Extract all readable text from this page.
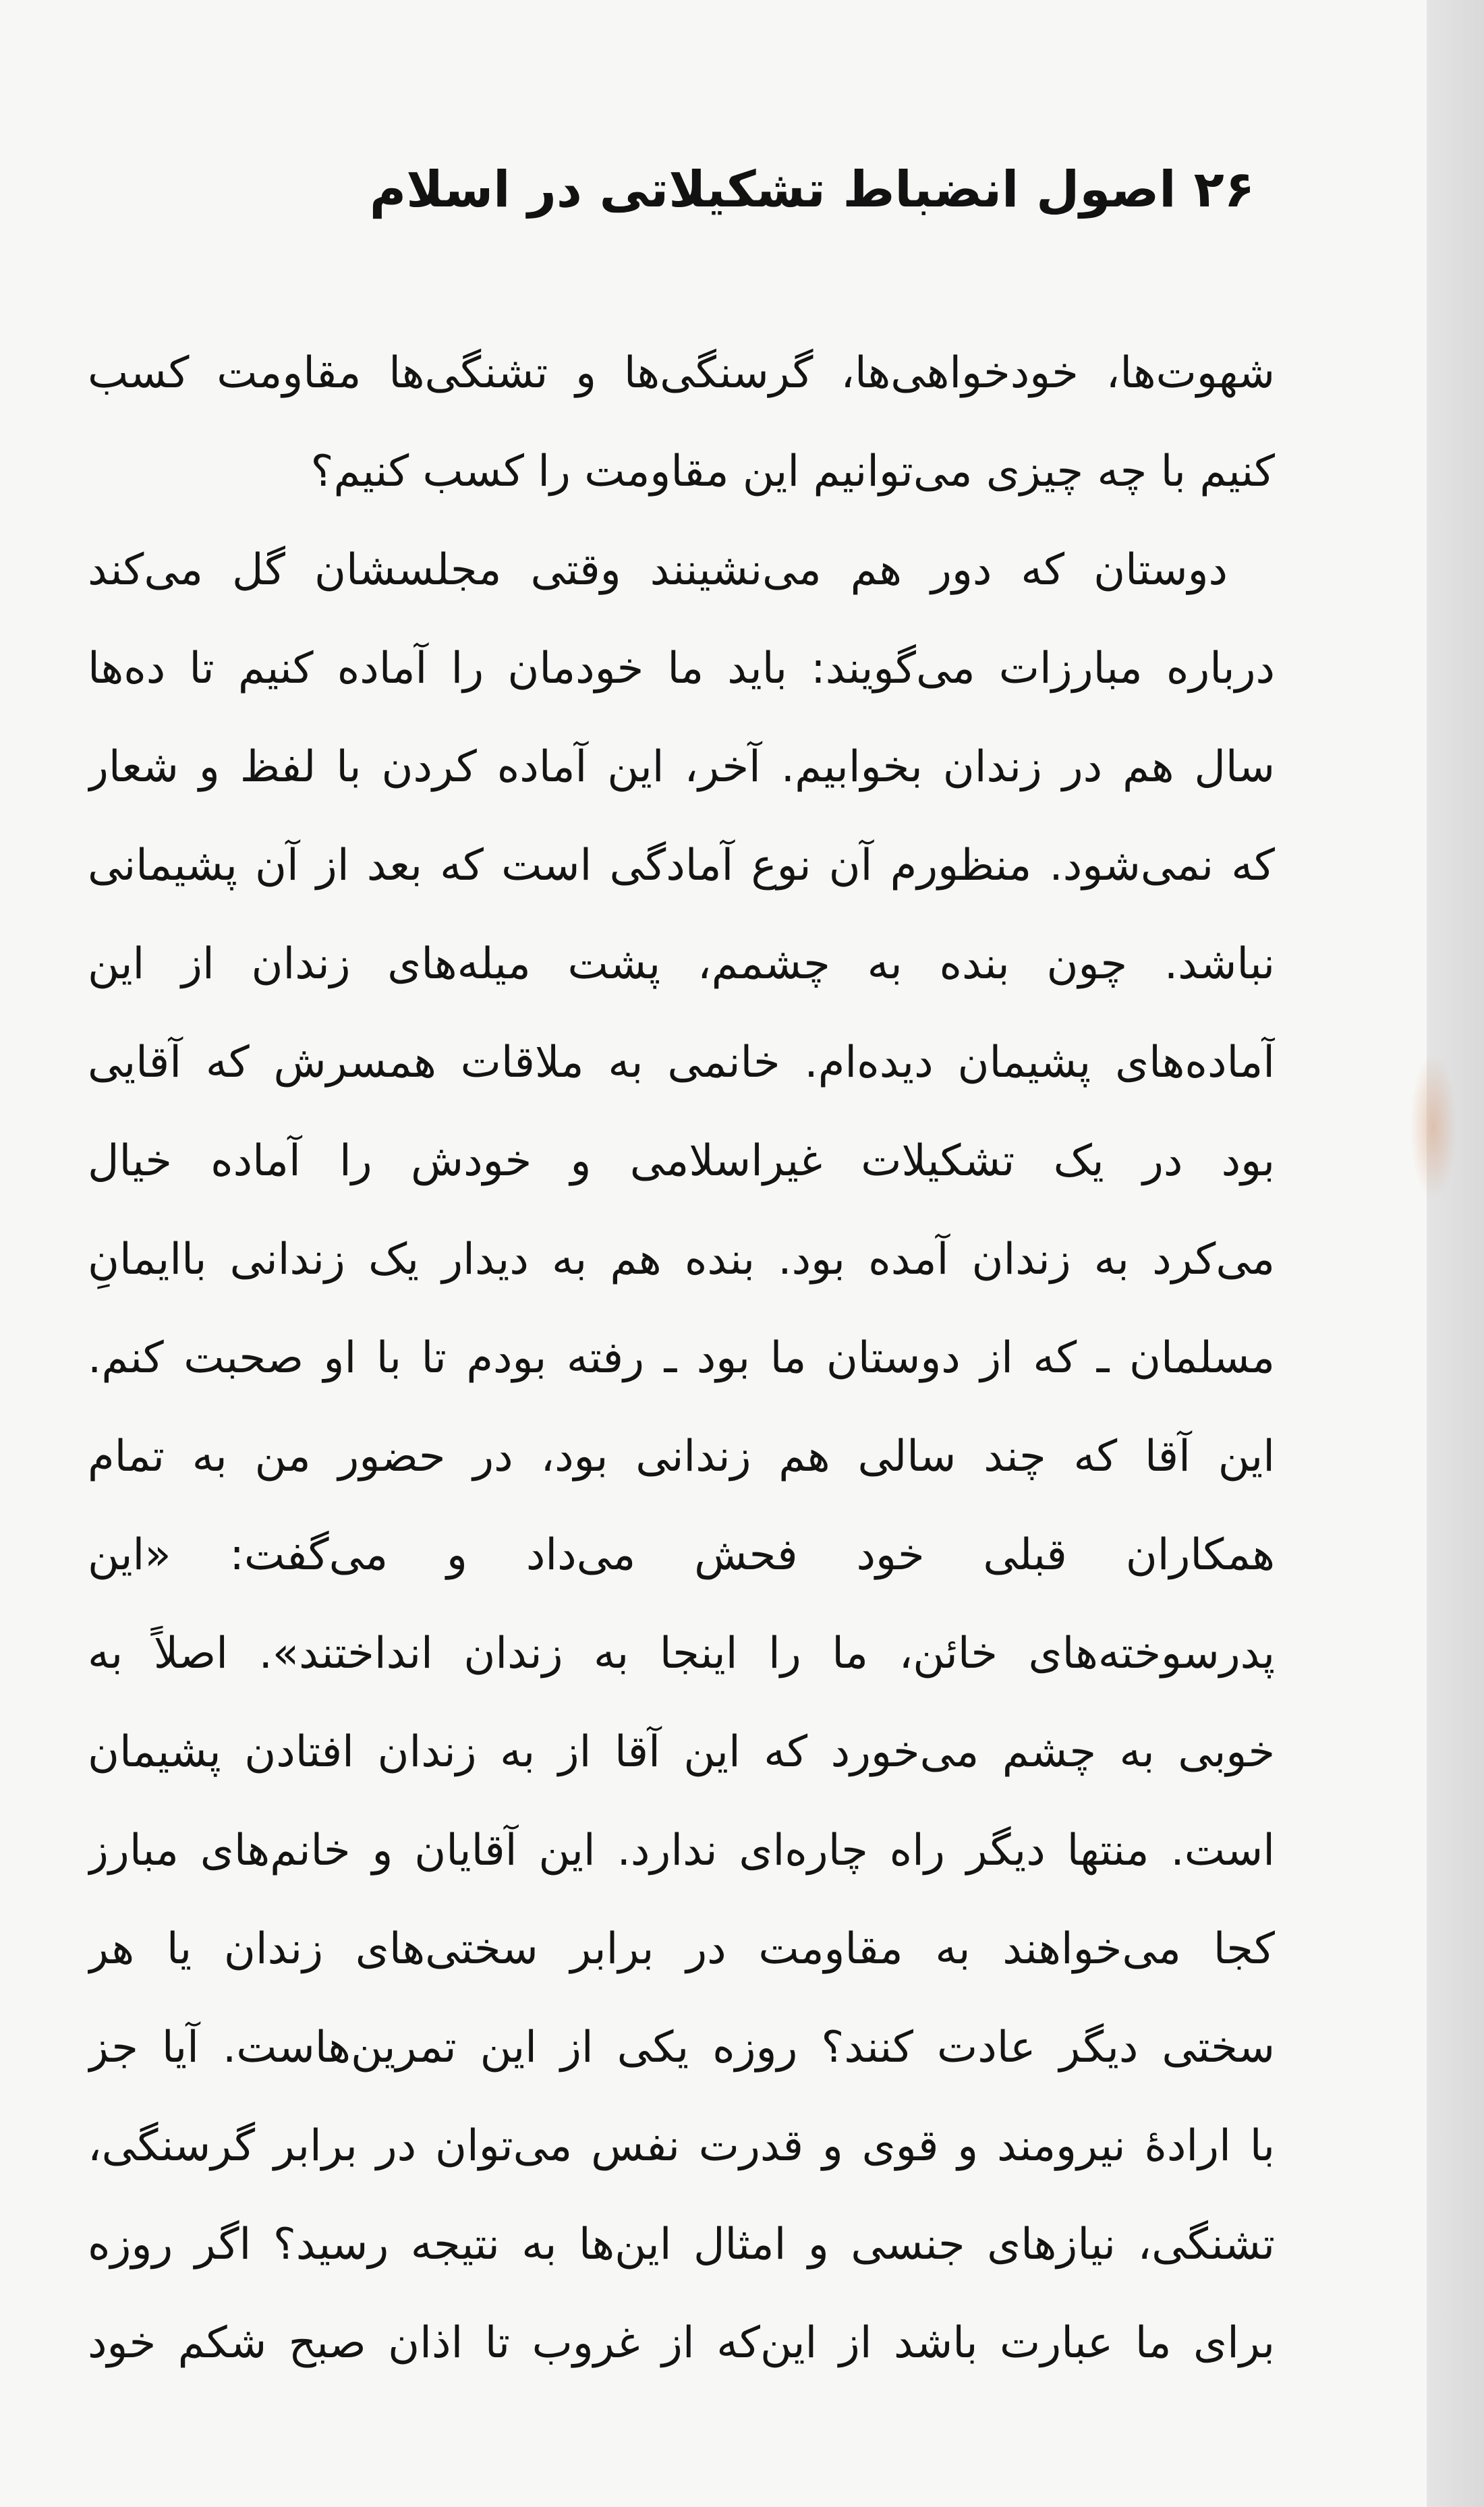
۲۶اصول انضباط تشکیلاتی در اسلام
شهوت‌ها، خودخواهی‌ها، گرسنگی‌ها و تشنگی‌ها مقاومت کسب
کنیم با چه چیزی می‌توانیم این مقاومت را کسب کنیم؟
دوستان که دور هم می‌نشینند وقتی مجلسشان گل می‌کند
درباره مبارزات می‌گویند: باید ما خودمان را آماده کنیم تا ده‌ها
سال هم در زندان بخوابیم. آخر، این آماده کردن با لفظ و شعار
که نمی‌شود. منظورم آن نوع آمادگی است که بعد از آن پشیمانی
نباشد. چون بنده به چشمم، پشت میله‌های زندان از این
آماده‌های پشیمان دیده‌ام. خانمی به ملاقات همسرش که آقایی
بود در یک تشکیلات غیراسلامی و خودش را آماده خیال
می‌کرد به زندان آمده بود. بنده هم به دیدار یک زندانی باایمانِ
مسلمان ـ که از دوستان ما بود ـ رفته بودم تا با او صحبت کنم.
این آقا که چند سالی هم زندانی بود، در حضور من به تمام
همکاران قبلی خود فحش می‌داد و می‌گفت: «این
پدرسوخته‌های خائن، ما را اینجا به زندان انداختند». اصلاً به
خوبی به چشم می‌خورد که این آقا از به زندان افتادن پشیمان
است. منتها دیگر راه چاره‌ای ندارد. این آقایان و خانم‌های مبارز
کجا می‌خواهند به مقاومت در برابر سختی‌های زندان یا هر
سختی دیگر عادت کنند؟ روزه یکی از این تمرین‌هاست. آیا جز
با ارادهٔ نیرومند و قوی و قدرت نفس می‌توان در برابر گرسنگی،
تشنگی، نیازهای جنسی و امثال این‌ها به نتیجه رسید؟ اگر روزه
برای ما عبارت باشد از این‌که از غروب تا اذان صبح شکم خود
